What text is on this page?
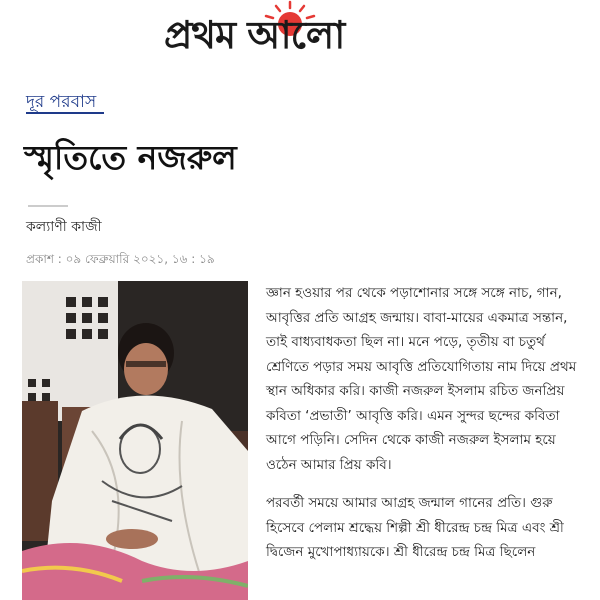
প্রথম আলো
দূর পরবাস
স্মৃতিতে নজরুল
কল্যাণী কাজী
প্রকাশ : ০৯ ফেব্রুয়ারি ২০২১, ১৬ : ১৯

জ্ঞান হওয়ার পর থেকে পড়াশোনার সঙ্গে সঙ্গে নাচ, গান, আবৃত্তির প্রতি আগ্রহ জন্মায়। বাবা-মায়ের একমাত্র সন্তান, তাই বাধ্যবাধকতা ছিল না। মনে পড়ে, তৃতীয় বা চতুর্থ শ্রেণিতে পড়ার সময় আবৃত্তি প্রতিযোগিতায় নাম দিয়ে প্রথম স্থান অধিকার করি। কাজী নজরুল ইসলাম রচিত জনপ্রিয় কবিতা ‘প্রভাতী’ আবৃত্তি করি। এমন সুন্দর ছন্দের কবিতা আগে পড়িনি। সেদিন থেকে কাজী নজরুল ইসলাম হয়ে ওঠেন আমার প্রিয় কবি।

পরবর্তী সময়ে আমার আগ্রহ জন্মাল গানের প্রতি। গুরু হিসেবে পেলাম শ্রদ্ধেয় শিল্পী শ্রী ধীরেন্দ্র চন্দ্র মিত্র এবং শ্রী দ্বিজেন মুখোপাধ্যায়কে। শ্রী ধীরেন্দ্র চন্দ্র মিত্র ছিলেন
